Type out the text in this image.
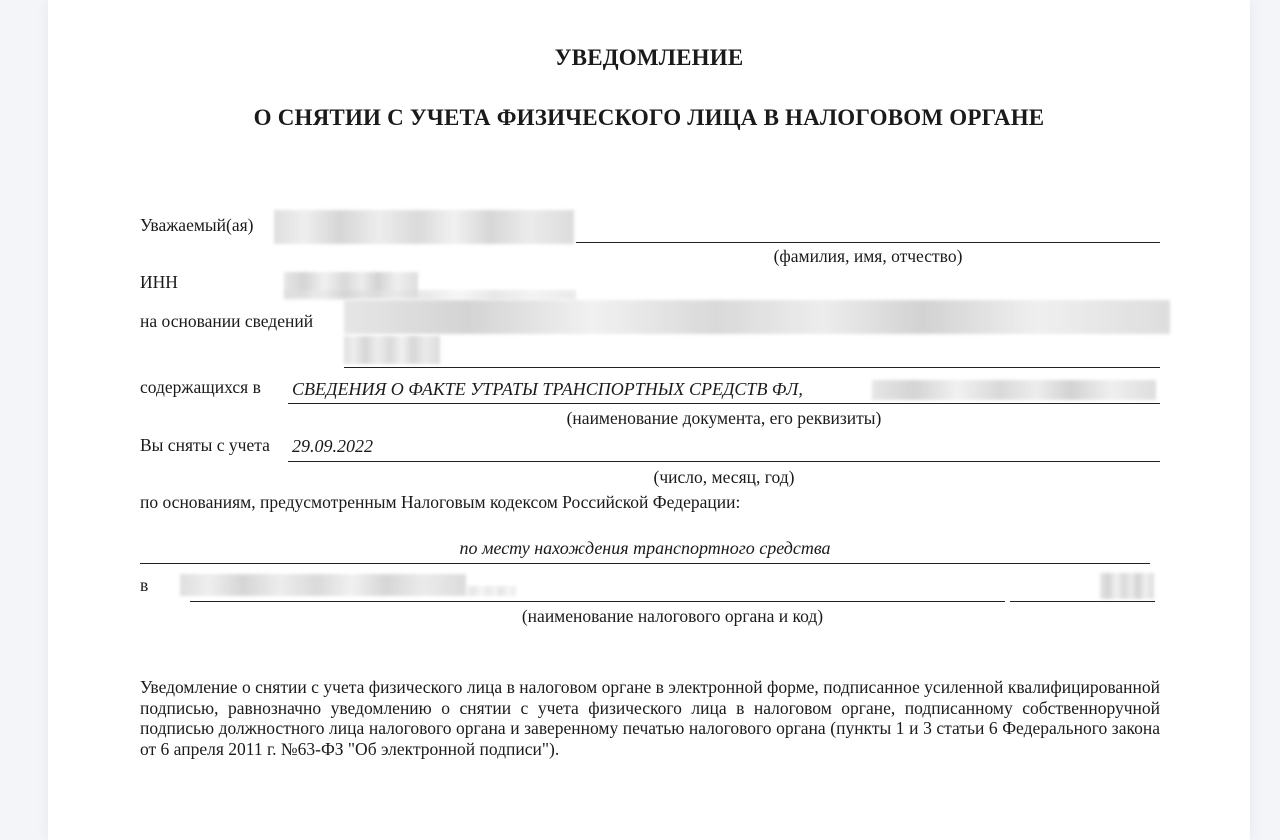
УВЕДОМЛЕНИЕ
О СНЯТИИ С УЧЕТА ФИЗИЧЕСКОГО ЛИЦА В НАЛОГОВОМ ОРГАНЕ
Уважаемый(ая)
(фамилия, имя, отчество)
ИНН
на основании сведений
содержащихся в СВЕДЕНИЯ О ФАКТЕ УТРАТЫ ТРАНСПОРТНЫХ СРЕДСТВ ФЛ,
(наименование документа, его реквизиты)
Вы сняты с учета 29.09.2022
(число, месяц, год)
по основаниям, предусмотренным Налоговым кодексом Российской Федерации:
по месту нахождения транспортного средства
в
(наименование налогового органа и код)
Уведомление о снятии с учета физического лица в налоговом органе в электронной форме, подписанное усиленной квалифицированной подписью, равнозначно уведомлению о снятии с учета физического лица в налоговом органе, подписанному собственноручной подписью должностного лица налогового органа и заверенному печатью налогового органа (пункты 1 и 3 статьи 6 Федерального закона от 6 апреля 2011 г. №63-ФЗ "Об электронной подписи").
